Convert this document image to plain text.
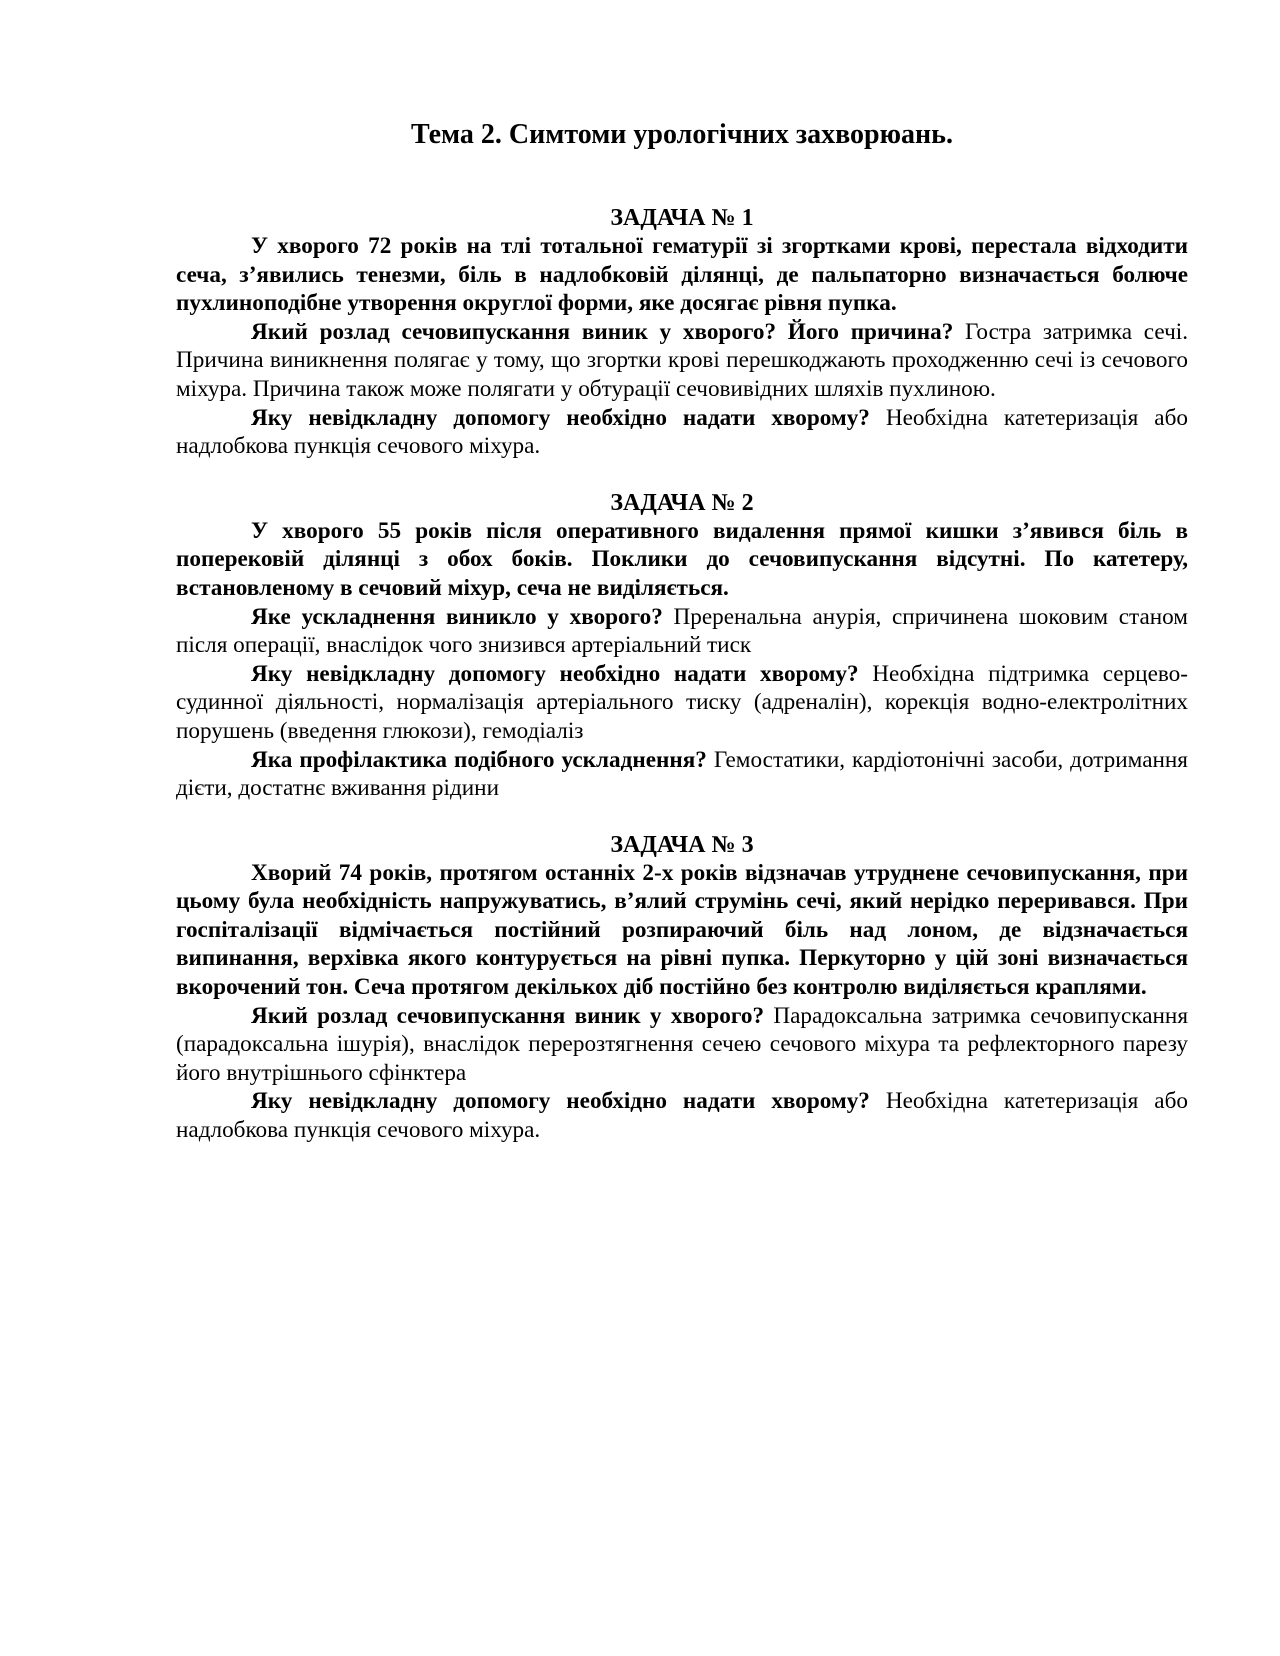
Тема 2. Симтоми урологічних захворюань.
ЗАДАЧА № 1

У хворого 72 років на тлі тотальної гематурії зі згортками крові, перестала відходити сеча, з’явились тенезми, біль в надлобковій ділянці, де пальпаторно визначається болюче пухлиноподібне утворення округлої форми, яке досягає рівня пупка.

Який розлад сечовипускання виник у хворого? Його причина? Гостра затримка сечі. Причина виникнення полягає у тому, що згортки крові перешкоджають проходженню сечі із сечового міхура. Причина також може полягати у обтурації сечовивідних шляхів пухлиною.

Яку невідкладну допомогу необхідно надати хворому? Необхідна катетеризація або надлобкова пункція сечового міхура.

ЗАДАЧА № 2

У хворого 55 років після оперативного видалення прямої кишки з’явився біль в поперековій ділянці з обох боків. Поклики до сечовипускання відсутні. По катетеру, встановленому в сечовий міхур, сеча не виділяється.

Яке ускладнення виникло у хворого? Преренальна анурія, спричинена шоковим станом після операції, внаслідок чого знизився артеріальний тиск

Яку невідкладну допомогу необхідно надати хворому? Необхідна підтримка серцево-судинної діяльності, нормалізація артеріального тиску (адреналін), корекція водно-електролітних порушень (введення глюкози), гемодіаліз

Яка профілактика подібного ускладнення? Гемостатики, кардіотонічні засоби, дотримання дієти, достатнє вживання рідини

ЗАДАЧА № 3

Хворий 74 років, протягом останніх 2-х років відзначав утруднене сечовипускання, при цьому була необхідність напружуватись, в’ялий струмінь сечі, який нерідко переривався. При госпіталізації відмічається постійний розпираючий біль над лоном, де відзначається випинання, верхівка якого контурується на рівні пупка. Перкуторно у цій зоні визначається вкорочений тон. Сеча протягом декількох діб постійно без контролю виділяється краплями.

Який розлад сечовипускання виник у хворого? Парадоксальна затримка сечовипускання (парадоксальна ішурія), внаслідок перерозтягнення сечею сечового міхура та рефлекторного парезу його внутрішнього сфінктера

Яку невідкладну допомогу необхідно надати хворому? Необхідна катетеризація або надлобкова пункція сечового міхура.
